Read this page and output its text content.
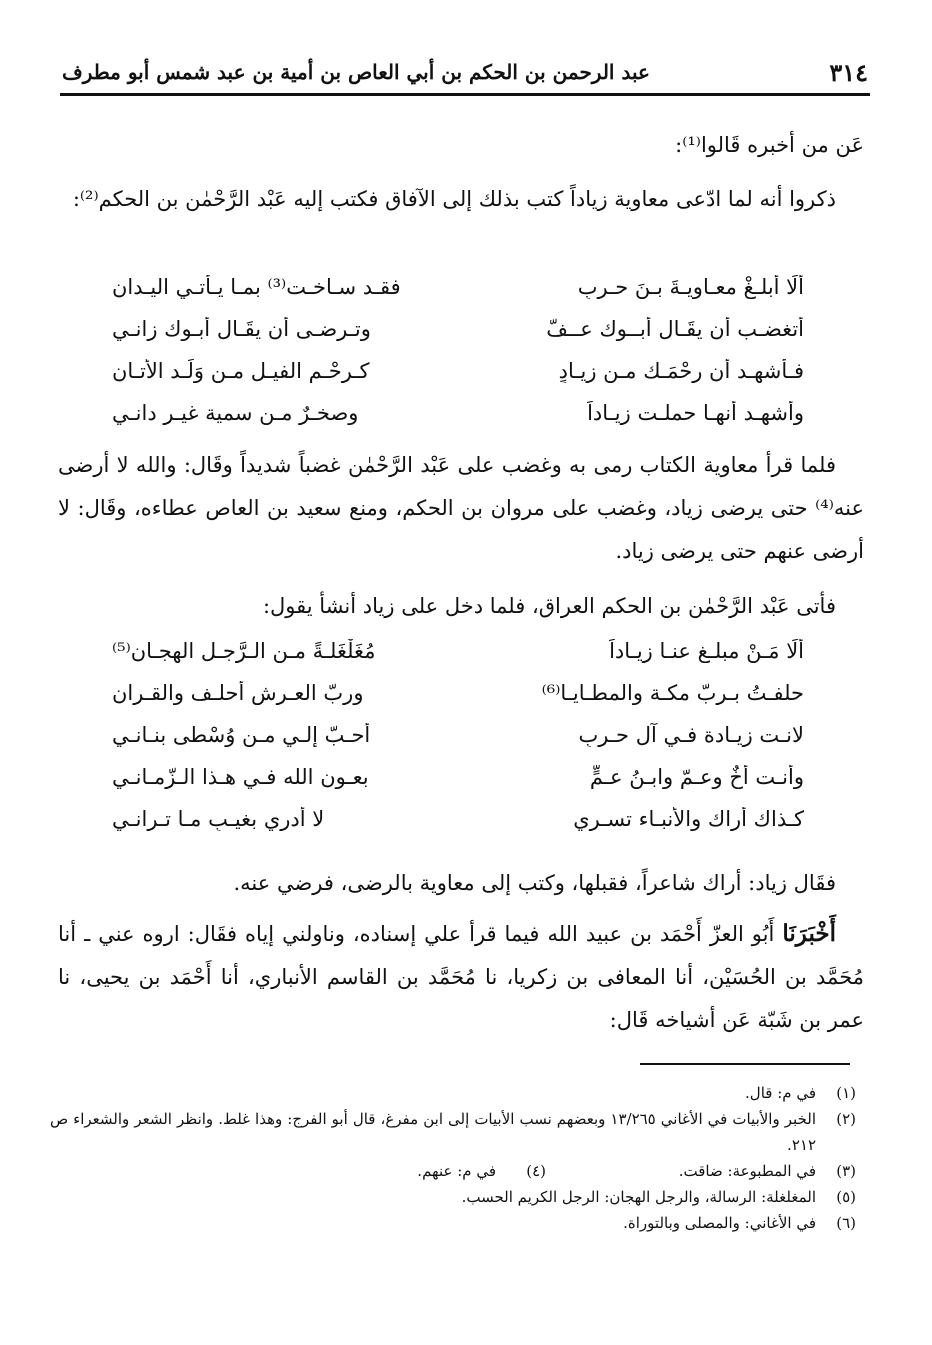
٣١٤
عبد الرحمن بن الحكم بن أبي العاص بن أمية بن عبد شمس أبو مطرف

عَن من أخبره قَالوا⁽¹⁾:

ذكروا أنه لما ادّعى معاوية زياداً كتب بذلك إلى الآفاق فكتب إليه عَبْد الرَّحْمٰن بن الحكم⁽²⁾:

ألَا أبلـغْ معـاويـةَ بـنَ حـربٍ
فقـد سـاخـت⁽³⁾ بمـا يـأتـي اليـدانِ
أتغضـب أن يقَـال أبــوك عــفّ
وتـرضـى أن يقَـال أبـوك زانـي
فـأشهـد أن رِحْمَـك مـن زيـادٍ
كـرِحْـم الفيـل مـن وَلَـد الأتـان
وأشهـد أنهـا حملـت زيـاداً
وصخـرٌ مـن سمية غيـر دانـي

فلما قرأ معاوية الكتاب رمى به وغضب على عَبْد الرَّحْمٰن غضباً شديداً وقَال: والله لا أرضى عنه⁽⁴⁾ حتى يرضى زياد، وغضب على مروان بن الحكم، ومنع سعيد بن العاص عطاءه، وقَال: لا أرضى عنهم حتى يرضى زياد.

فأتى عَبْد الرَّحْمٰن بن الحكم العراق، فلما دخل على زياد أنشأ يقول:

ألَا مَـنْ مبلـغ عنـا زيـاداً
مُغَلْغَلـةً مـن الـرَّجـل الهجـانِ⁽⁵⁾
حلفـتُ بـربّ مكـة والمطـايـا⁽⁶⁾
وربّ العـرش أحلـف والقـران
لانـت زيـادة فـي آل حـربٍ
أحـبّ إلـي مـن وُسْطى بنـانـي
وأنـت أخٌ وعـمّ وابـنُ عـمٍّ
بعـون الله فـي هـذا الـزّمـانـي
كـذاك أراك والأنبـاء تسـري
لا أدري بغيـبٍ مـا تـرانـي

فقَال زياد: أراك شاعراً، فقبلها، وكتب إلى معاوية بالرضى، فرضي عنه.

أَخْبَرَنَا أَبُو العزّ أَحْمَد بن عبيد الله فيما قرأ علي إسناده، وناولني إياه فقَال: اروه عني ـ أنا مُحَمَّد بن الحُسَيْن، أنا المعافى بن زكريا، نا مُحَمَّد بن القاسم الأنباري، أنا أَحْمَد بن يحيى، نا عمر بن شَبّة عَن أشياخه قَال:

(١)
في م: قال.
(٢)
الخبر والأبيات في الأغاني ١٣/٢٦٥ وبعضهم نسب الأبيات إلى ابن مفرغ، قال أبو الفرج: وهذا غلط. وانظر الشعر والشعراء ص ٢١٢.
(٣)
في المطبوعة: ضاقت.
(٤)
في م: عنهم.
(٥)
المغلغلة: الرسالة، والرجل الهجان: الرجل الكريم الحسب.
(٦)
في الأغاني: والمصلى وبالتوراة.
